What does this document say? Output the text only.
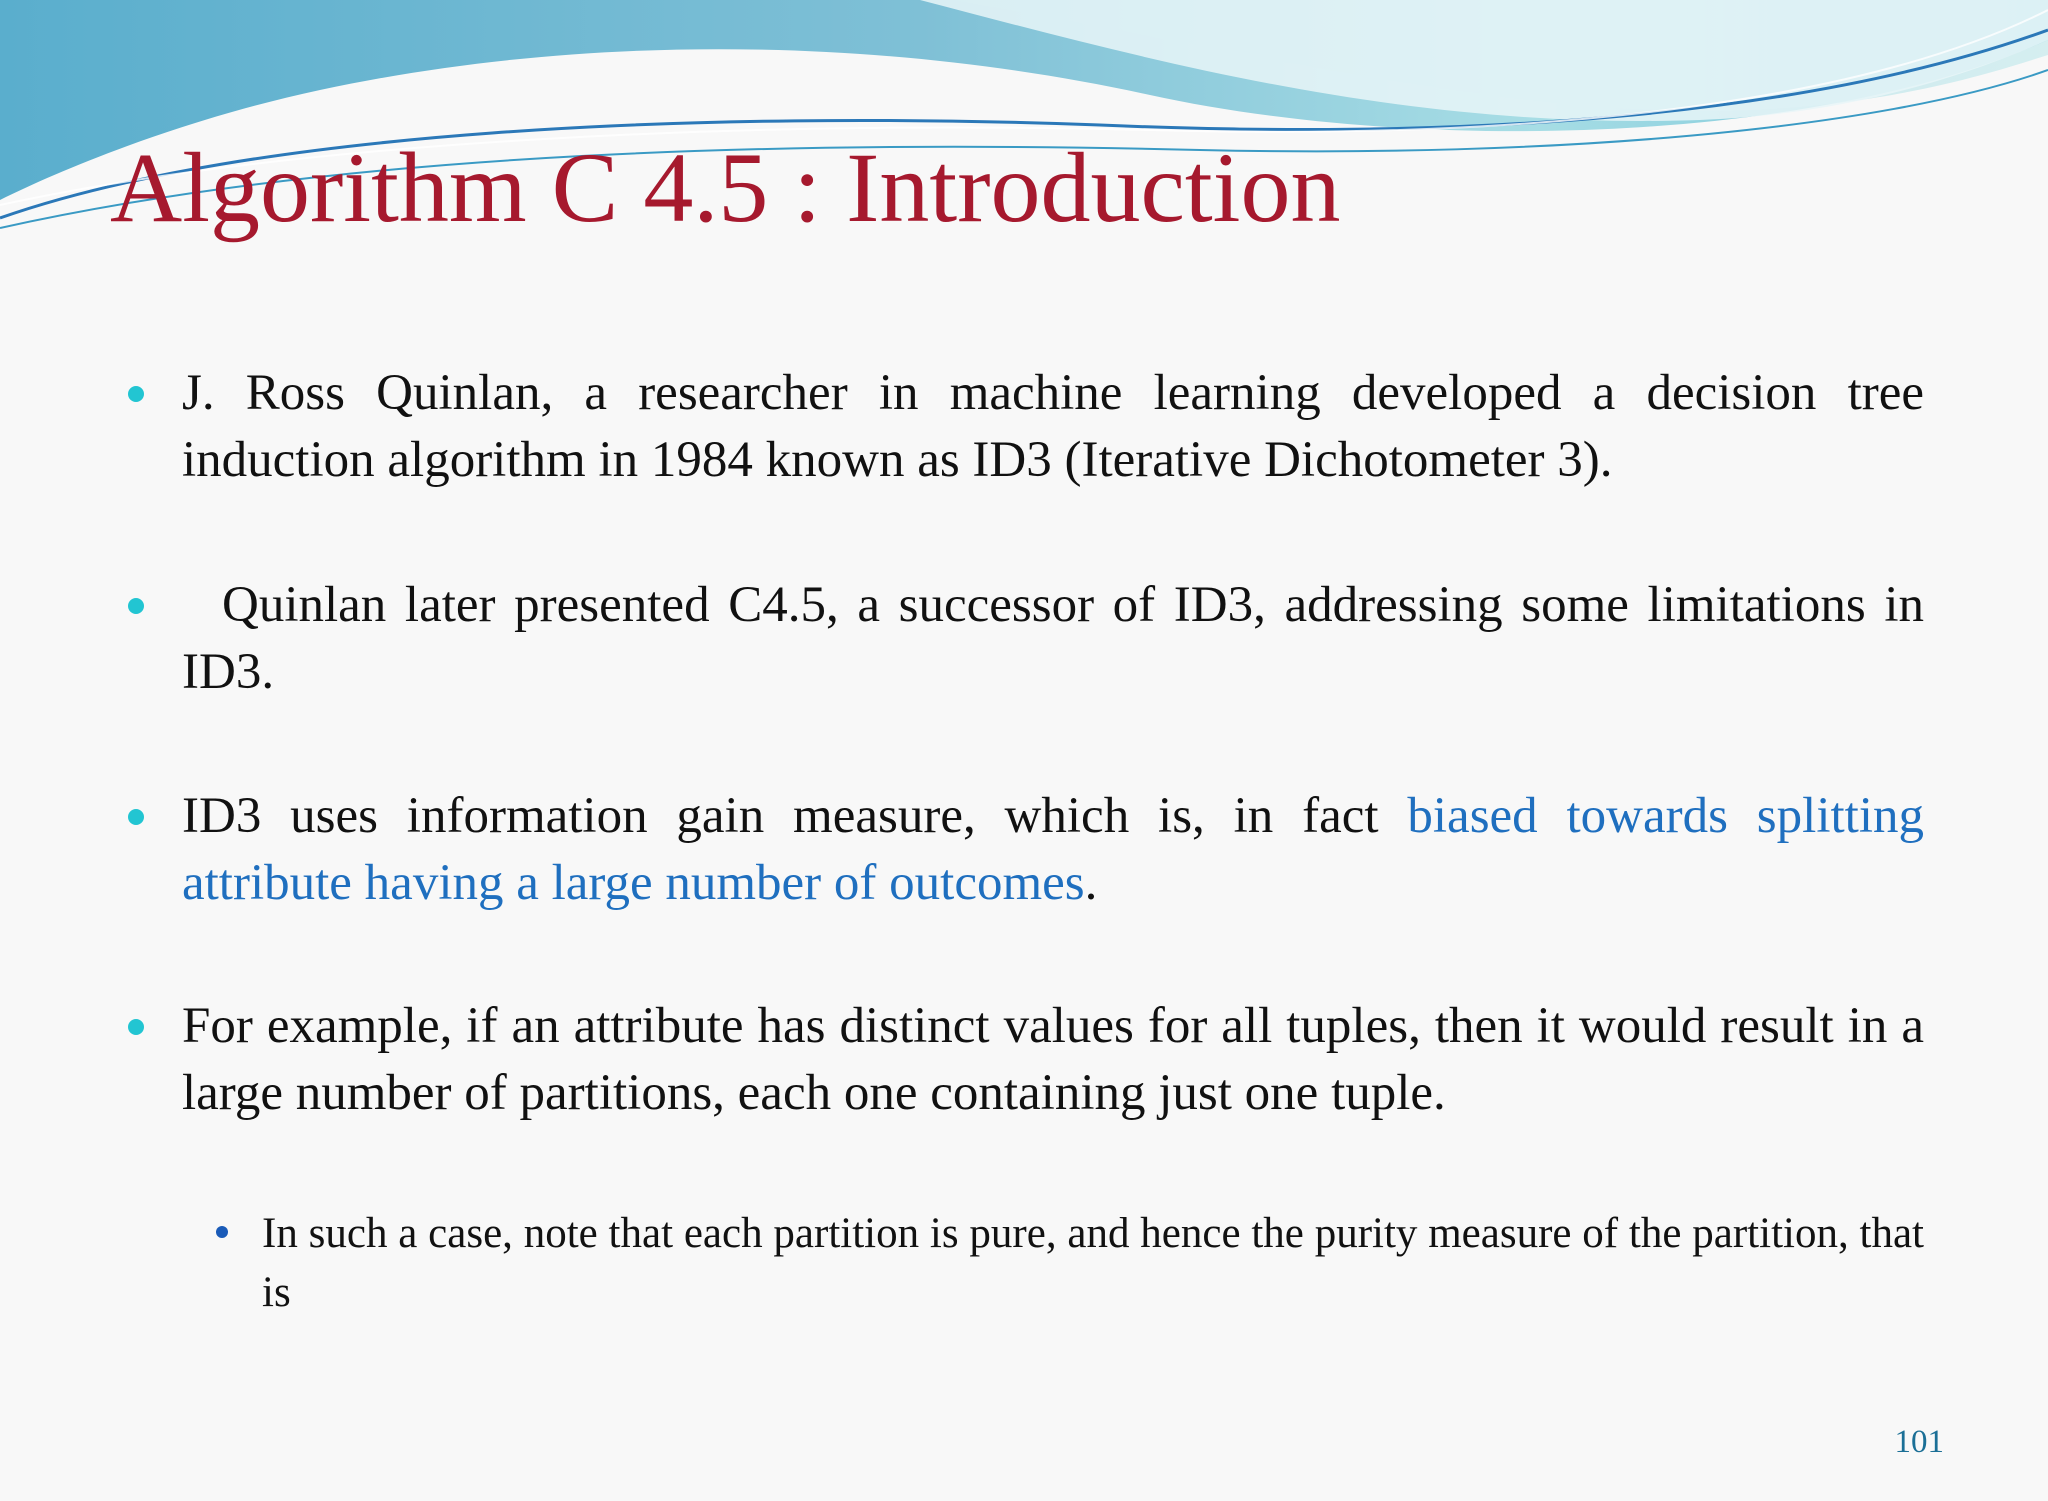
Algorithm C 4.5 : Introduction
J. Ross Quinlan, a researcher in machine learning developed a decision tree induction algorithm in 1984 known as ID3 (Iterative Dichotometer 3).
Quinlan later presented C4.5, a successor of ID3, addressing some limitations in ID3.
ID3 uses information gain measure, which is, in fact biased towards splitting attribute having a large number of outcomes.
For example, if an attribute has distinct values for all tuples, then it would result in a large number of partitions, each one containing just one tuple.
In such a case, note that each partition is pure, and hence the purity measure of the partition, that is
101
